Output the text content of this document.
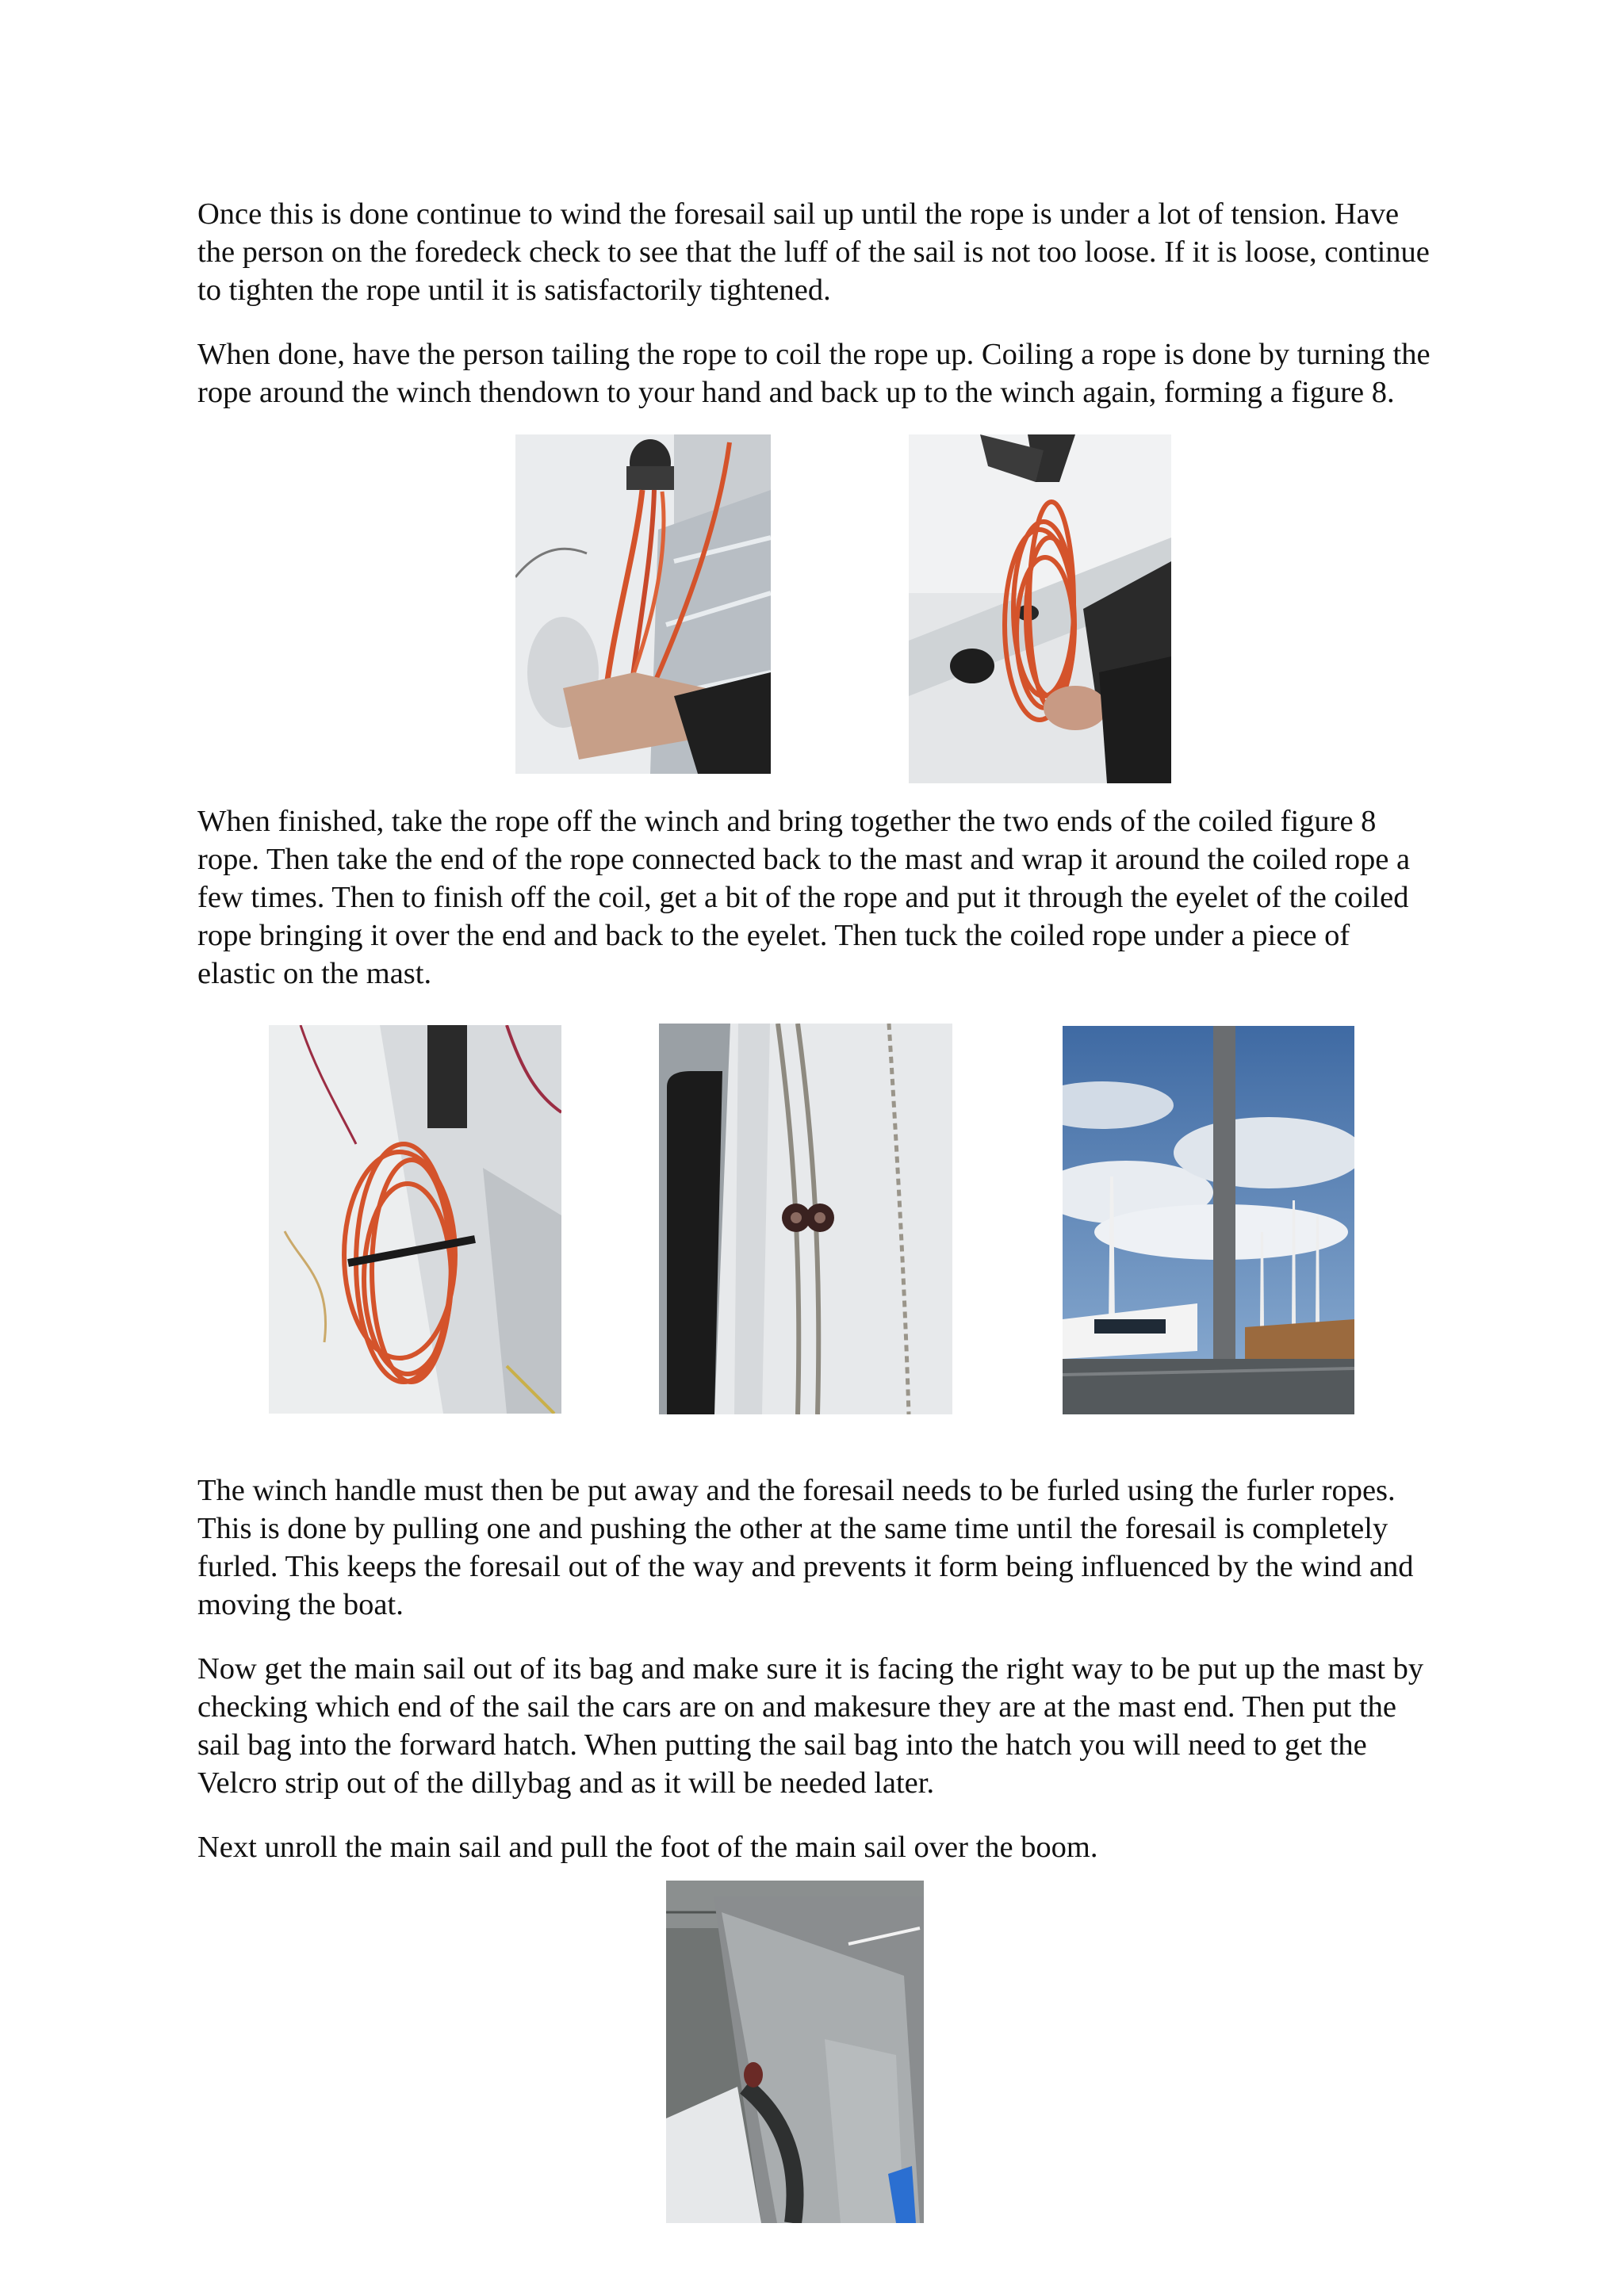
Once this is done continue to wind the foresail sail up until the rope is under a lot of tension. Have the person on the foredeck check to see that the luff of the sail is not too loose. If it is loose, continue to tighten the rope until it is satisfactorily tightened.

When done, have the person tailing the rope to coil the rope up. Coiling a rope is done by turning the rope around the winch thendown to your hand and back up to the winch again, forming a figure 8.

When finished, take the rope off the winch and bring together the two ends of the coiled figure 8 rope. Then take the end of the rope connected back to the mast and wrap it around the coiled rope a few times. Then to finish off the coil, get a bit of the rope and put it through the eyelet of the coiled rope bringing it over the end and back to the eyelet. Then tuck the coiled rope under a piece of elastic on the mast.

The winch handle must then be put away and the foresail needs to be furled using the furler ropes. This is done by pulling one and pushing the other at the same time until the foresail is completely furled. This keeps the foresail out of the way and prevents it form being influenced by the wind and moving the boat.

Now get the main sail out of its bag and make sure it is facing the right way to be put up the mast by checking which end of the sail the cars are on and makesure they are at the mast end. Then put the sail bag into the forward hatch. When putting the sail bag into the hatch you will need to get the Velcro strip out of the dillybag and as it will be needed later.

Next unroll the main sail and pull the foot of the main sail over the boom.
